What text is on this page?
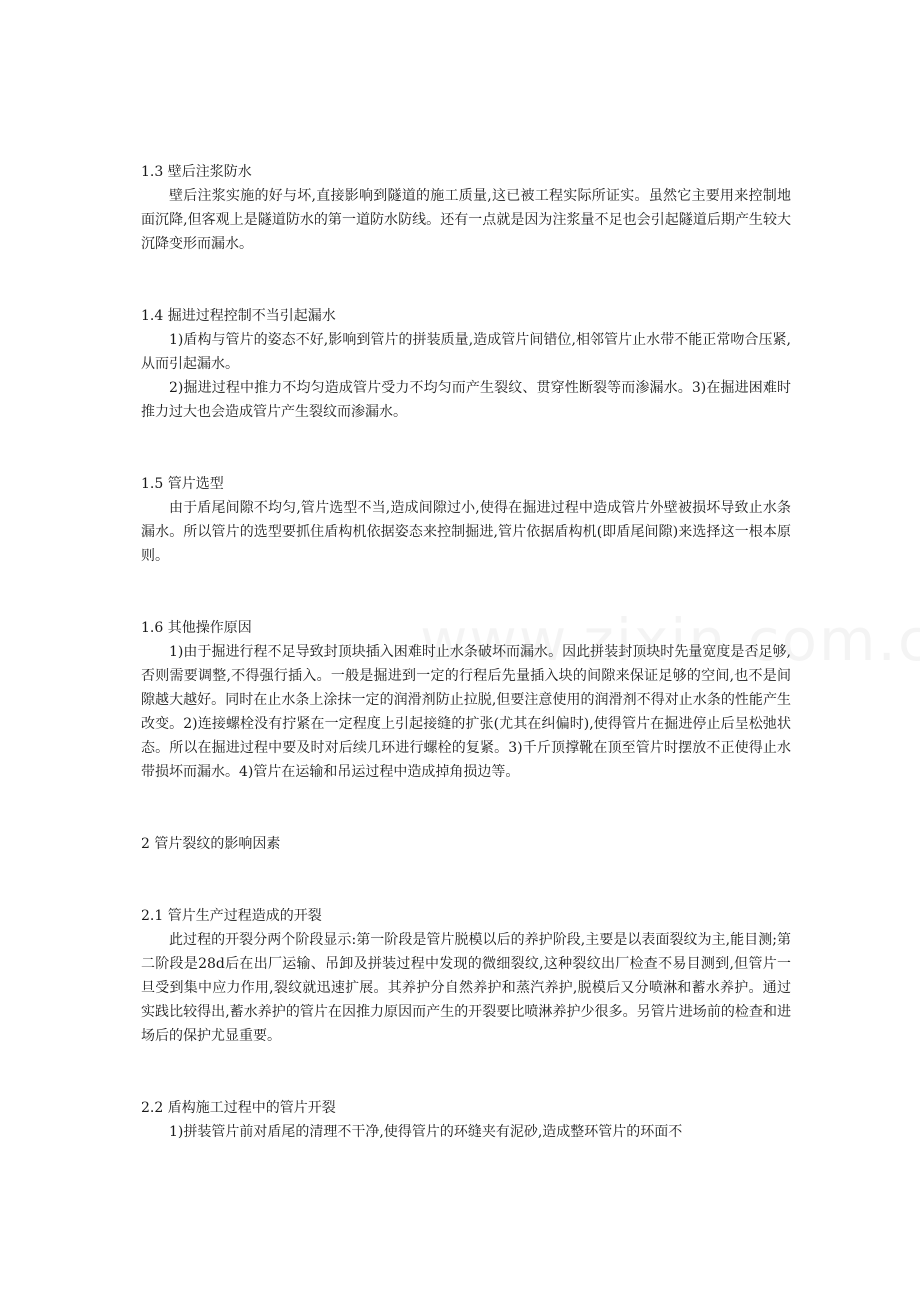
1.3 壁后注浆防水

壁后注浆实施的好与坏,直接影响到隧道的施工质量,这已被工程实际所证实。虽然它主要用来控制地面沉降,但客观上是隧道防水的第一道防水防线。还有一点就是因为注浆量不足也会引起隧道后期产生较大沉降变形而漏水。

1.4 掘进过程控制不当引起漏水

1)盾构与管片的姿态不好,影响到管片的拼装质量,造成管片间错位,相邻管片止水带不能正常吻合压紧,从而引起漏水。

2)掘进过程中推力不均匀造成管片受力不均匀而产生裂纹、贯穿性断裂等而渗漏水。3)在掘进困难时推力过大也会造成管片产生裂纹而渗漏水。

1.5 管片选型

由于盾尾间隙不均匀,管片选型不当,造成间隙过小,使得在掘进过程中造成管片外壁被损坏导致止水条漏水。所以管片的选型要抓住盾构机依据姿态来控制掘进,管片依据盾构机(即盾尾间隙)来选择这一根本原则。

1.6 其他操作原因

1)由于掘进行程不足导致封顶块插入困难时止水条破坏而漏水。因此拼装封顶块时先量宽度是否足够,否则需要调整,不得强行插入。一般是掘进到一定的行程后先量插入块的间隙来保证足够的空间,也不是间隙越大越好。同时在止水条上涂抹一定的润滑剂防止拉脱,但要注意使用的润滑剂不得对止水条的性能产生改变。2)连接螺栓没有拧紧在一定程度上引起接缝的扩张(尤其在纠偏时),使得管片在掘进停止后呈松弛状态。所以在掘进过程中要及时对后续几环进行螺栓的复紧。3)千斤顶撑靴在顶至管片时摆放不正使得止水带损坏而漏水。4)管片在运输和吊运过程中造成掉角损边等。

2 管片裂纹的影响因素
2.1 管片生产过程造成的开裂

此过程的开裂分两个阶段显示:第一阶段是管片脱模以后的养护阶段,主要是以表面裂纹为主,能目测;第二阶段是28d后在出厂运输、吊卸及拼装过程中发现的微细裂纹,这种裂纹出厂检查不易目测到,但管片一旦受到集中应力作用,裂纹就迅速扩展。其养护分自然养护和蒸汽养护,脱模后又分喷淋和蓄水养护。通过实践比较得出,蓄水养护的管片在因推力原因而产生的开裂要比喷淋养护少很多。另管片进场前的检查和进场后的保护尤显重要。

2.2 盾构施工过程中的管片开裂

1)拼装管片前对盾尾的清理不干净,使得管片的环缝夹有泥砂,造成整环管片的环面不
